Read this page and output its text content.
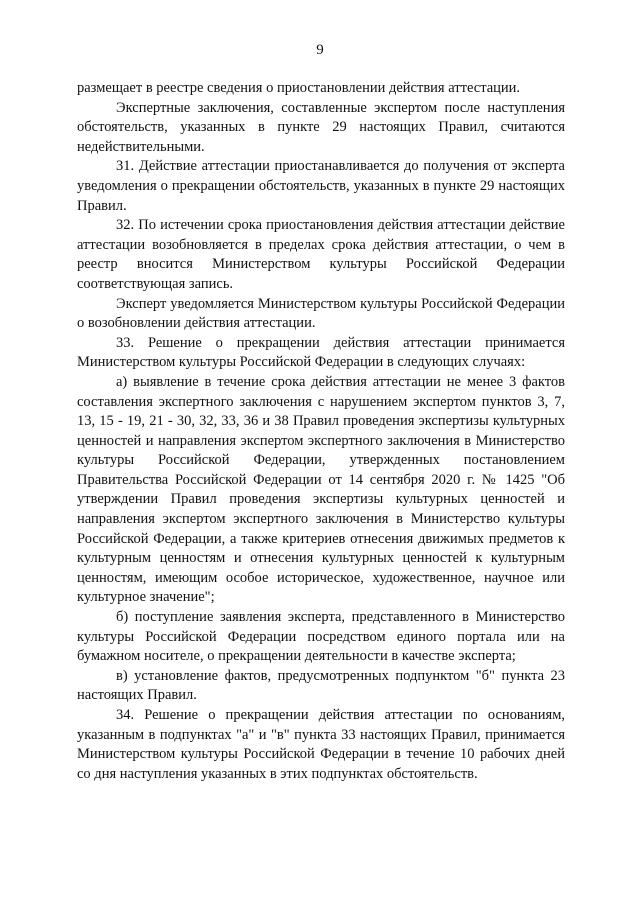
9

размещает в реестре сведения о приостановлении действия аттестации.

Экспертные заключения, составленные экспертом после наступления обстоятельств, указанных в пункте 29 настоящих Правил, считаются недействительными.

31. Действие аттестации приостанавливается до получения от эксперта уведомления о прекращении обстоятельств, указанных в пункте 29 настоящих Правил.

32. По истечении срока приостановления действия аттестации действие аттестации возобновляется в пределах срока действия аттестации, о чем в реестр вносится Министерством культуры Российской Федерации соответствующая запись.

Эксперт уведомляется Министерством культуры Российской Федерации о возобновлении действия аттестации.

33. Решение о прекращении действия аттестации принимается Министерством культуры Российской Федерации в следующих случаях:

а) выявление в течение срока действия аттестации не менее 3 фактов составления экспертного заключения с нарушением экспертом пунктов 3, 7, 13, 15 - 19, 21 - 30, 32, 33, 36 и 38 Правил проведения экспертизы культурных ценностей и направления экспертом экспертного заключения в Министерство культуры Российской Федерации, утвержденных постановлением Правительства Российской Федерации от 14 сентября 2020 г. № 1425 "Об утверждении Правил проведения экспертизы культурных ценностей и направления экспертом экспертного заключения в Министерство культуры Российской Федерации, а также критериев отнесения движимых предметов к культурным ценностям и отнесения культурных ценностей к культурным ценностям, имеющим особое историческое, художественное, научное или культурное значение";

б) поступление заявления эксперта, представленного в Министерство культуры Российской Федерации посредством единого портала или на бумажном носителе, о прекращении деятельности в качестве эксперта;

в) установление фактов, предусмотренных подпунктом "б" пункта 23 настоящих Правил.

34. Решение о прекращении действия аттестации по основаниям, указанным в подпунктах "а" и "в" пункта 33 настоящих Правил, принимается Министерством культуры Российской Федерации в течение 10 рабочих дней со дня наступления указанных в этих подпунктах обстоятельств.
